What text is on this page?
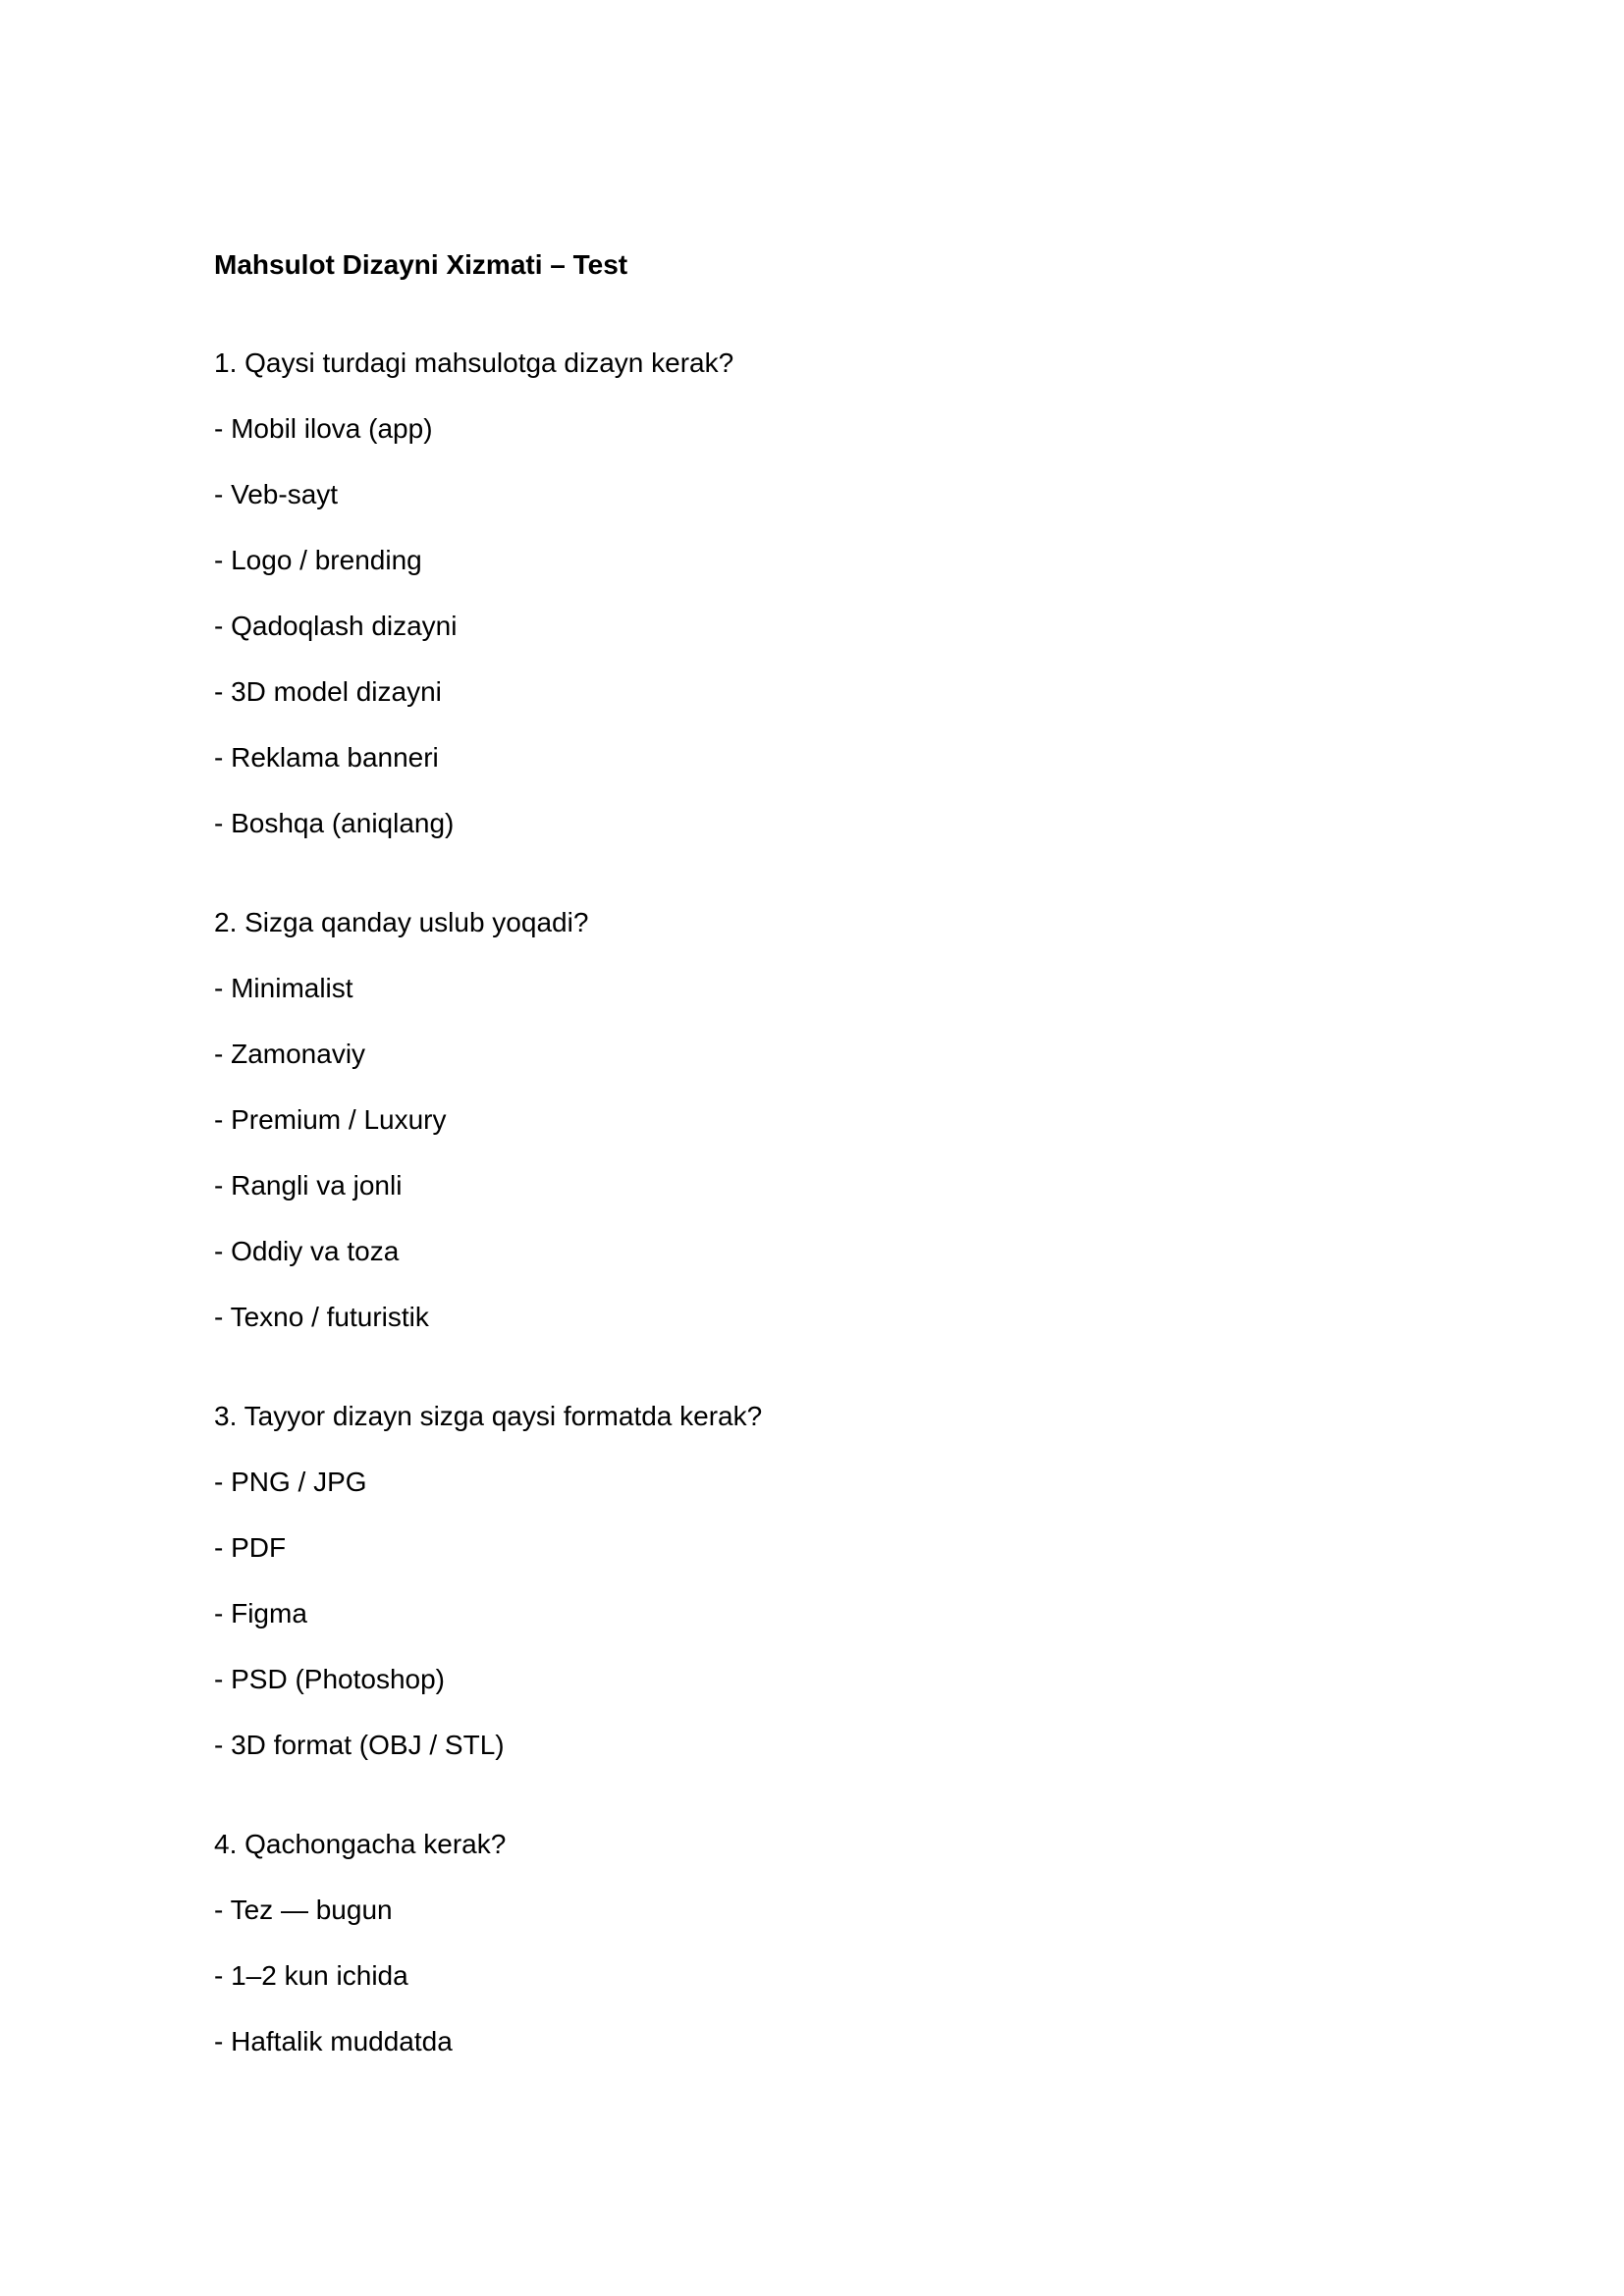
Mahsulot Dizayni Xizmati – Test
1. Qaysi turdagi mahsulotga dizayn kerak?
- Mobil ilova (app)
- Veb-sayt
- Logo / brending
- Qadoqlash dizayni
- 3D model dizayni
- Reklama banneri
- Boshqa (aniqlang)
2. Sizga qanday uslub yoqadi?
- Minimalist
- Zamonaviy
- Premium / Luxury
- Rangli va jonli
- Oddiy va toza
- Texno / futuristik
3. Tayyor dizayn sizga qaysi formatda kerak?
- PNG / JPG
- PDF
- Figma
- PSD (Photoshop)
- 3D format (OBJ / STL)
4. Qachongacha kerak?
- Tez — bugun
- 1–2 kun ichida
- Haftalik muddatda
